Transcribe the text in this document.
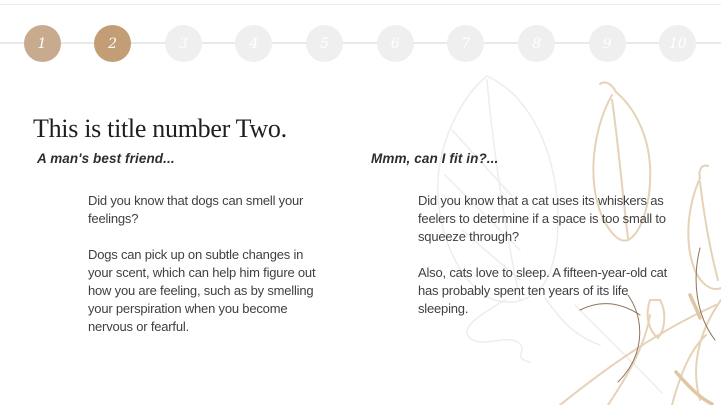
1	2	3	4	5	6	7	8	9	10
This is title number Two.
A man's best friend...	Mmm, can I fit in?...

Did you know that dogs can smell your feelings?

Dogs can pick up on subtle changes in your scent, which can help him figure out how you are feeling, such as by smelling your perspiration when you become nervous or fearful.

Did you know that a cat uses its whiskers as feelers to determine if a space is too small to squeeze through?

Also, cats love to sleep. A fifteen-year-old cat has probably spent ten years of its life sleeping.
